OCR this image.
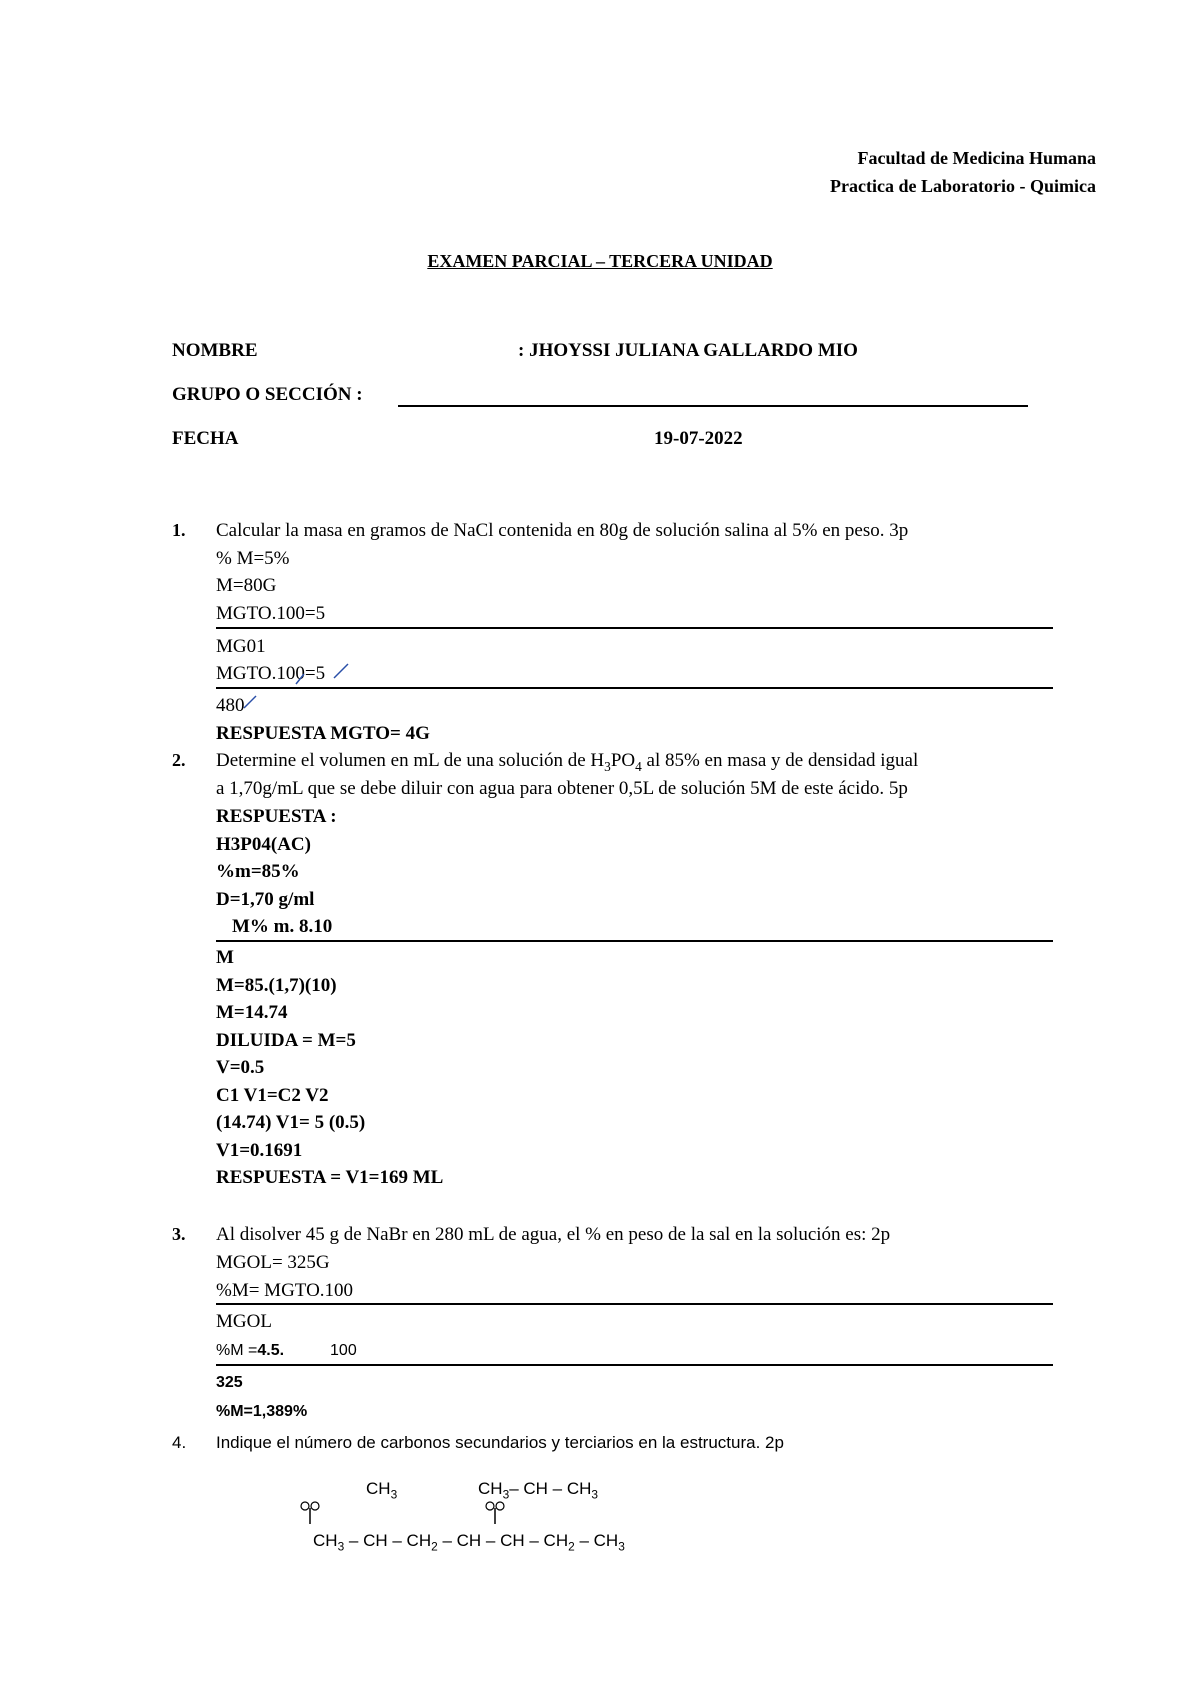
Facultad de Medicina Humana
Practica de Laboratorio - Quimica
EXAMEN PARCIAL – TERCERA UNIDAD
NOMBRE	: JHOYSSI JULIANA GALLARDO MIO
GRUPO O SECCIÓN :
FECHA	19-07-2022
1. Calcular la masa en gramos de NaCl contenida en 80g de solución salina al 5% en peso. 3p
% M=5%
M=80G
MGTO.100=5
MG01
MGTO.100=5
480
RESPUESTA MGTO= 4G
2. Determine el volumen en mL de una solución de $H_3PO_4$ al 85% en masa y de densidad igual
a 1,70g/mL que se debe diluir con agua para obtener 0,5L de solución 5M de este ácido. 5p
RESPUESTA :
H3P04(AC)
%m=85%
D=1,70 g/ml
M% m. 8.10
M
M=85.(1,7)(10)
M=14.74
DILUIDA = M=5
V=0.5
C1 V1=C2 V2
(14.74) V1= 5 (0.5)
V1=0.1691
RESPUESTA = V1=169 ML
3. Al disolver 45 g de NaBr en 280 mL de agua, el % en peso de la sal en la solución es: 2p
MGOL= 325G
%M= MGTO.100
MGOL
%M =4.5.	100
325
%M=1,389%
4. Indique el número de carbonos secundarios y terciarios en la estructura. 2p
$CH_3$	$CH_3-$ CH – $CH_3$
$CH_3$ – CH – $CH_2$ – CH – CH – $CH_2 - CH_3$
